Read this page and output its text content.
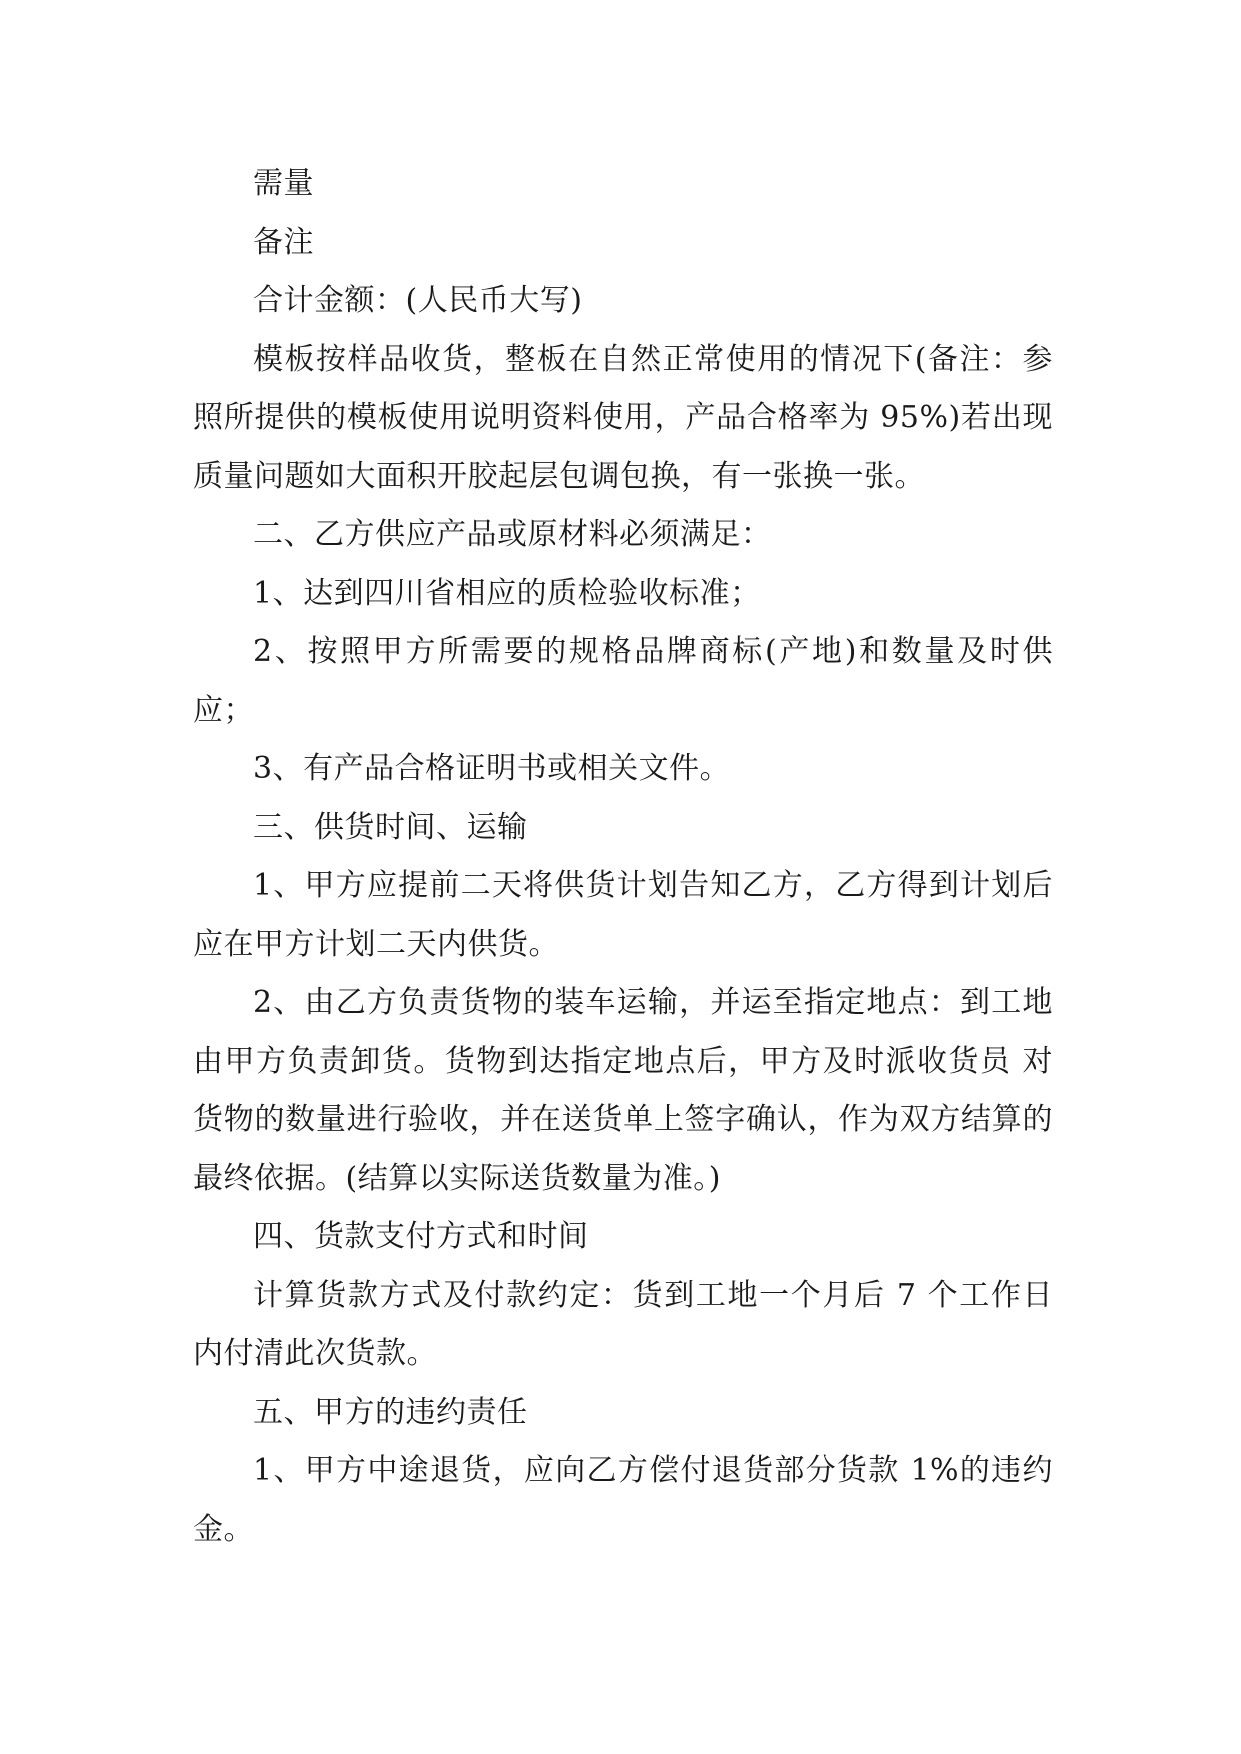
需量

备注

合计金额：(人民币大写)

模板按样品收货，整板在自然正常使用的情况下(备注：参照所提供的模板使用说明资料使用，产品合格率为 95%)若出现质量问题如大面积开胶起层包调包换，有一张换一张。

二、乙方供应产品或原材料必须满足：

1、达到四川省相应的质检验收标准；

2、按照甲方所需要的规格品牌商标(产地)和数量及时供应；

3、有产品合格证明书或相关文件。

三、供货时间、运输

1、甲方应提前二天将供货计划告知乙方，乙方得到计划后应在甲方计划二天内供货。

2、由乙方负责货物的装车运输，并运至指定地点：到工地由甲方负责卸货。货物到达指定地点后，甲方及时派收货员 对货物的数量进行验收，并在送货单上签字确认，作为双方结算的最终依据。(结算以实际送货数量为准。)

四、货款支付方式和时间

计算货款方式及付款约定：货到工地一个月后 7 个工作日内付清此次货款。

五、甲方的违约责任

1、甲方中途退货，应向乙方偿付退货部分货款 1%的违约金。
